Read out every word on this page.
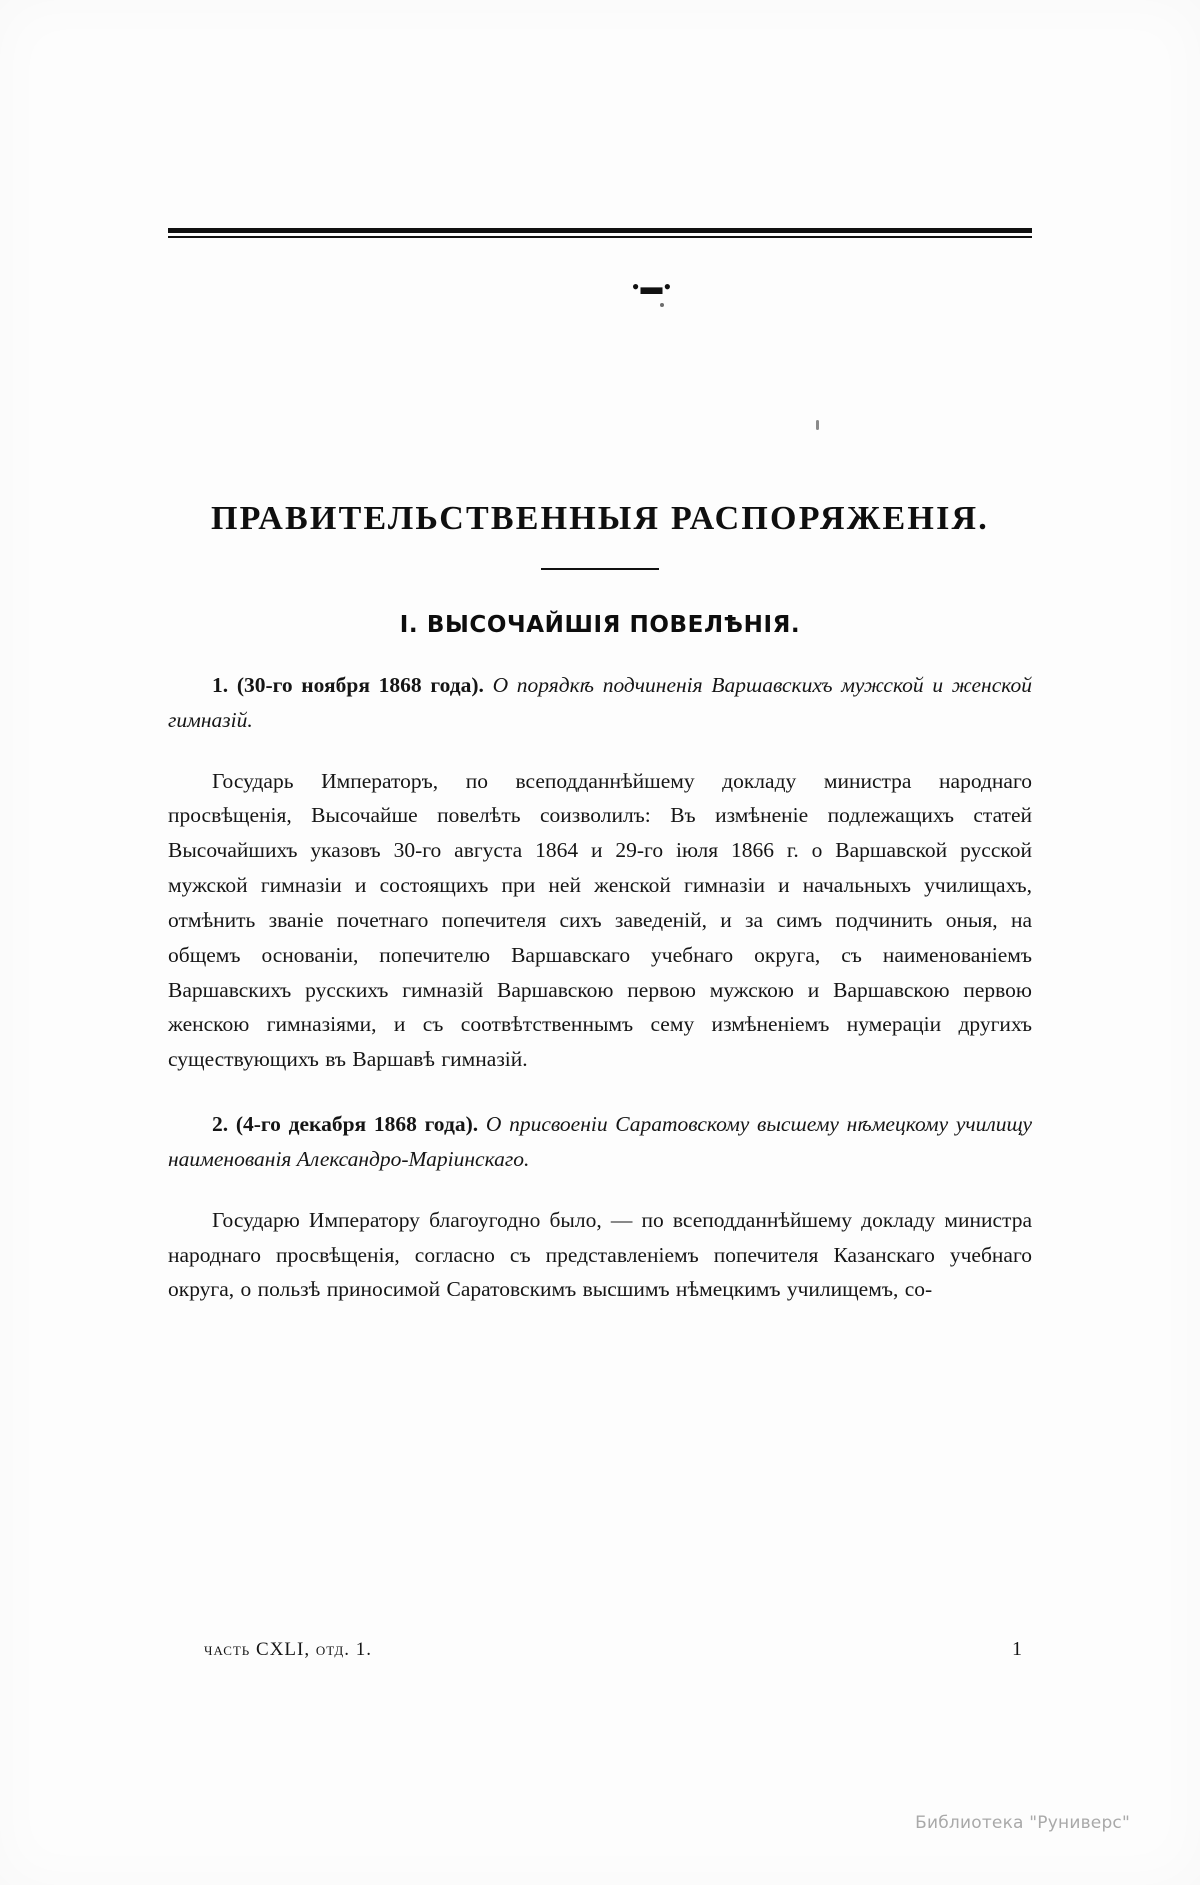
•▬•
ПРАВИТЕЛЬСТВЕННЫЯ РАСПОРЯЖЕНІЯ.
I. ВЫСОЧАЙШІЯ ПОВЕЛѢНІЯ.

1. (30-го ноября 1868 года). О порядкѣ подчиненія Варшавскихъ мужской и женской гимназій.

Государь Императоръ, по всеподданнѣйшему докладу министра народнаго просвѣщенія, Высочайше повелѣть соизволилъ: Въ измѣненіе подлежащихъ статей Высочайшихъ указовъ 30-го августа 1864 и 29-го іюля 1866 г. о Варшавской русской мужской гимназіи и состоящихъ при ней женской гимназіи и начальныхъ училищахъ, отмѣнить званіе почетнаго попечителя сихъ заведеній, и за симъ подчинить оныя, на общемъ основаніи, попечителю Варшавскаго учебнаго округа, съ наименованіемъ Варшавскихъ русскихъ гимназій Варшавскою первою мужскою и Варшавскою первою женскою гимназіями, и съ соотвѣтственнымъ сему измѣненіемъ нумераціи другихъ существующихъ въ Варшавѣ гимназій.

2. (4-го декабря 1868 года). О присвоеніи Саратовскому высшему нѣмецкому училищу наименованія Александро-Маріинскаго.

Государю Императору благоугодно было, — по всеподданнѣйшему докладу министра народнаго просвѣщенія, согласно съ представленіемъ попечителя Казанскаго учебнаго округа, о пользѣ приносимой Саратовскимъ высшимъ нѣмецкимъ училищемъ, со-

часть CXLI, отд. 1.	1
Библиотека "Руниверс"
